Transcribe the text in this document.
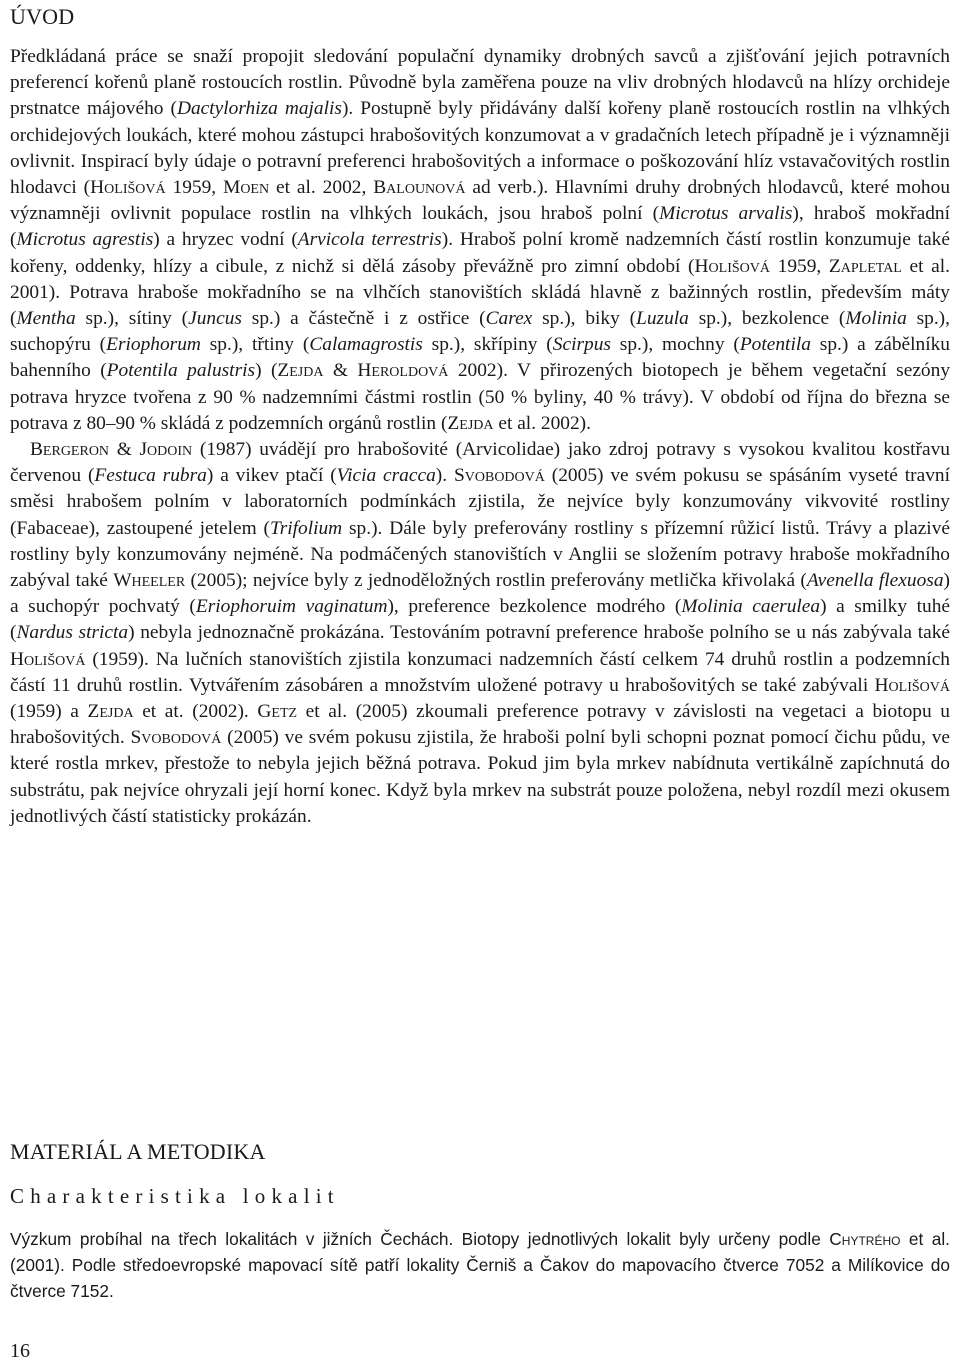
ÚVOD

Předkládaná práce se snaží propojit sledování populační dynamiky drobných savců a zjišťování jejich potravních preferencí kořenů planě rostoucích rostlin. Původně byla zaměřena pouze na vliv drobných hlodavců na hlízy orchideje prstnatce májového (Dactylorhiza majalis). Postupně byly přidávány další kořeny planě rostoucích rostlin na vlhkých orchidejových loukách, které mohou zástupci hrabošovitých konzumovat a v gradačních letech případně je i významněji ovlivnit. Inspirací byly údaje o potravní preferenci hrabošovitých a informace o poškozování hlíz vstavačovitých rostlin hlodavci (Holišová 1959, Moen et al. 2002, Balounová ad verb.). Hlavními druhy drobných hlodavců, které mohou významněji ovlivnit populace rostlin na vlhkých loukách, jsou hraboš polní (Microtus arvalis), hraboš mokřadní (Microtus agrestis) a hryzec vodní (Arvicola terrestris). Hraboš polní kromě nadzemních částí rostlin konzumuje také kořeny, oddenky, hlízy a cibule, z nichž si dělá zásoby převážně pro zimní období (Holišová 1959, Zapletal et al. 2001). Potrava hraboše mokřadního se na vlhčích stanovištích skládá hlavně z bažinných rostlin, především máty (Mentha sp.), sítiny (Juncus sp.) a částečně i z ostřice (Carex sp.), biky (Luzula sp.), bezkolence (Molinia sp.), suchopýru (Eriophorum sp.), třtiny (Calamagrostis sp.), skřípiny (Scirpus sp.), mochny (Potentila sp.) a zábělníku bahenního (Potentila palustris) (Zejda & Heroldová 2002). V přirozených biotopech je během vegetační sezóny potrava hryzce tvořena z 90 % nadzemními částmi rostlin (50 % byliny, 40 % trávy). V období od října do března se potrava z 80–90 % skládá z podzemních orgánů rostlin (Zejda et al. 2002).

Bergeron & Jodoin (1987) uvádějí pro hrabošovité (Arvicolidae) jako zdroj potravy s vysokou kvalitou kostřavu červenou (Festuca rubra) a vikev ptačí (Vicia cracca). Svobodová (2005) ve svém pokusu se spásáním vyseté travní směsi hrabošem polním v laboratorních podmínkách zjistila, že nejvíce byly konzumovány vikvovité rostliny (Fabaceae), zastoupené jetelem (Trifolium sp.). Dále byly preferovány rostliny s přízemní růžicí listů. Trávy a plazivé rostliny byly konzumovány nejméně. Na podmáčených stanovištích v Anglii se složením potravy hraboše mokřadního zabýval také Wheeler (2005); nejvíce byly z jednoděložných rostlin preferovány metlička křivolaká (Avenella flexuosa) a suchopýr pochvatý (Eriophoruim vaginatum), preference bezkolence modrého (Molinia caerulea) a smilky tuhé (Nardus stricta) nebyla jednoznačně prokázána. Testováním potravní preference hraboše polního se u nás zabývala také Holišová (1959). Na lučních stanovištích zjistila konzumaci nadzemních částí celkem 74 druhů rostlin a podzemních částí 11 druhů rostlin. Vytvářením zásobáren a množstvím uložené potravy u hrabošovitých se také zabývali Holišová (1959) a Zejda et at. (2002). Getz et al. (2005) zkoumali preference potravy v závislosti na vegetaci a biotopu u hrabošovitých. Svobodová (2005) ve svém pokusu zjistila, že hraboši polní byli schopni poznat pomocí čichu půdu, ve které rostla mrkev, přestože to nebyla jejich běžná potrava. Pokud jim byla mrkev nabídnuta vertikálně zapíchnutá do substrátu, pak nejvíce ohryzali její horní konec. Když byla mrkev na substrát pouze položena, nebyl rozdíl mezi okusem jednotlivých částí statisticky prokázán.

MATERIÁL A METODIKA
Charakteristika lokalit

Výzkum probíhal na třech lokalitách v jižních Čechách. Biotopy jednotlivých lokalit byly určeny podle Chytrého et al. (2001). Podle středoevropské mapovací sítě patří lokality Černiš a Čakov do mapovacího čtverce 7052 a Milíkovice do čtverce 7152.

16
